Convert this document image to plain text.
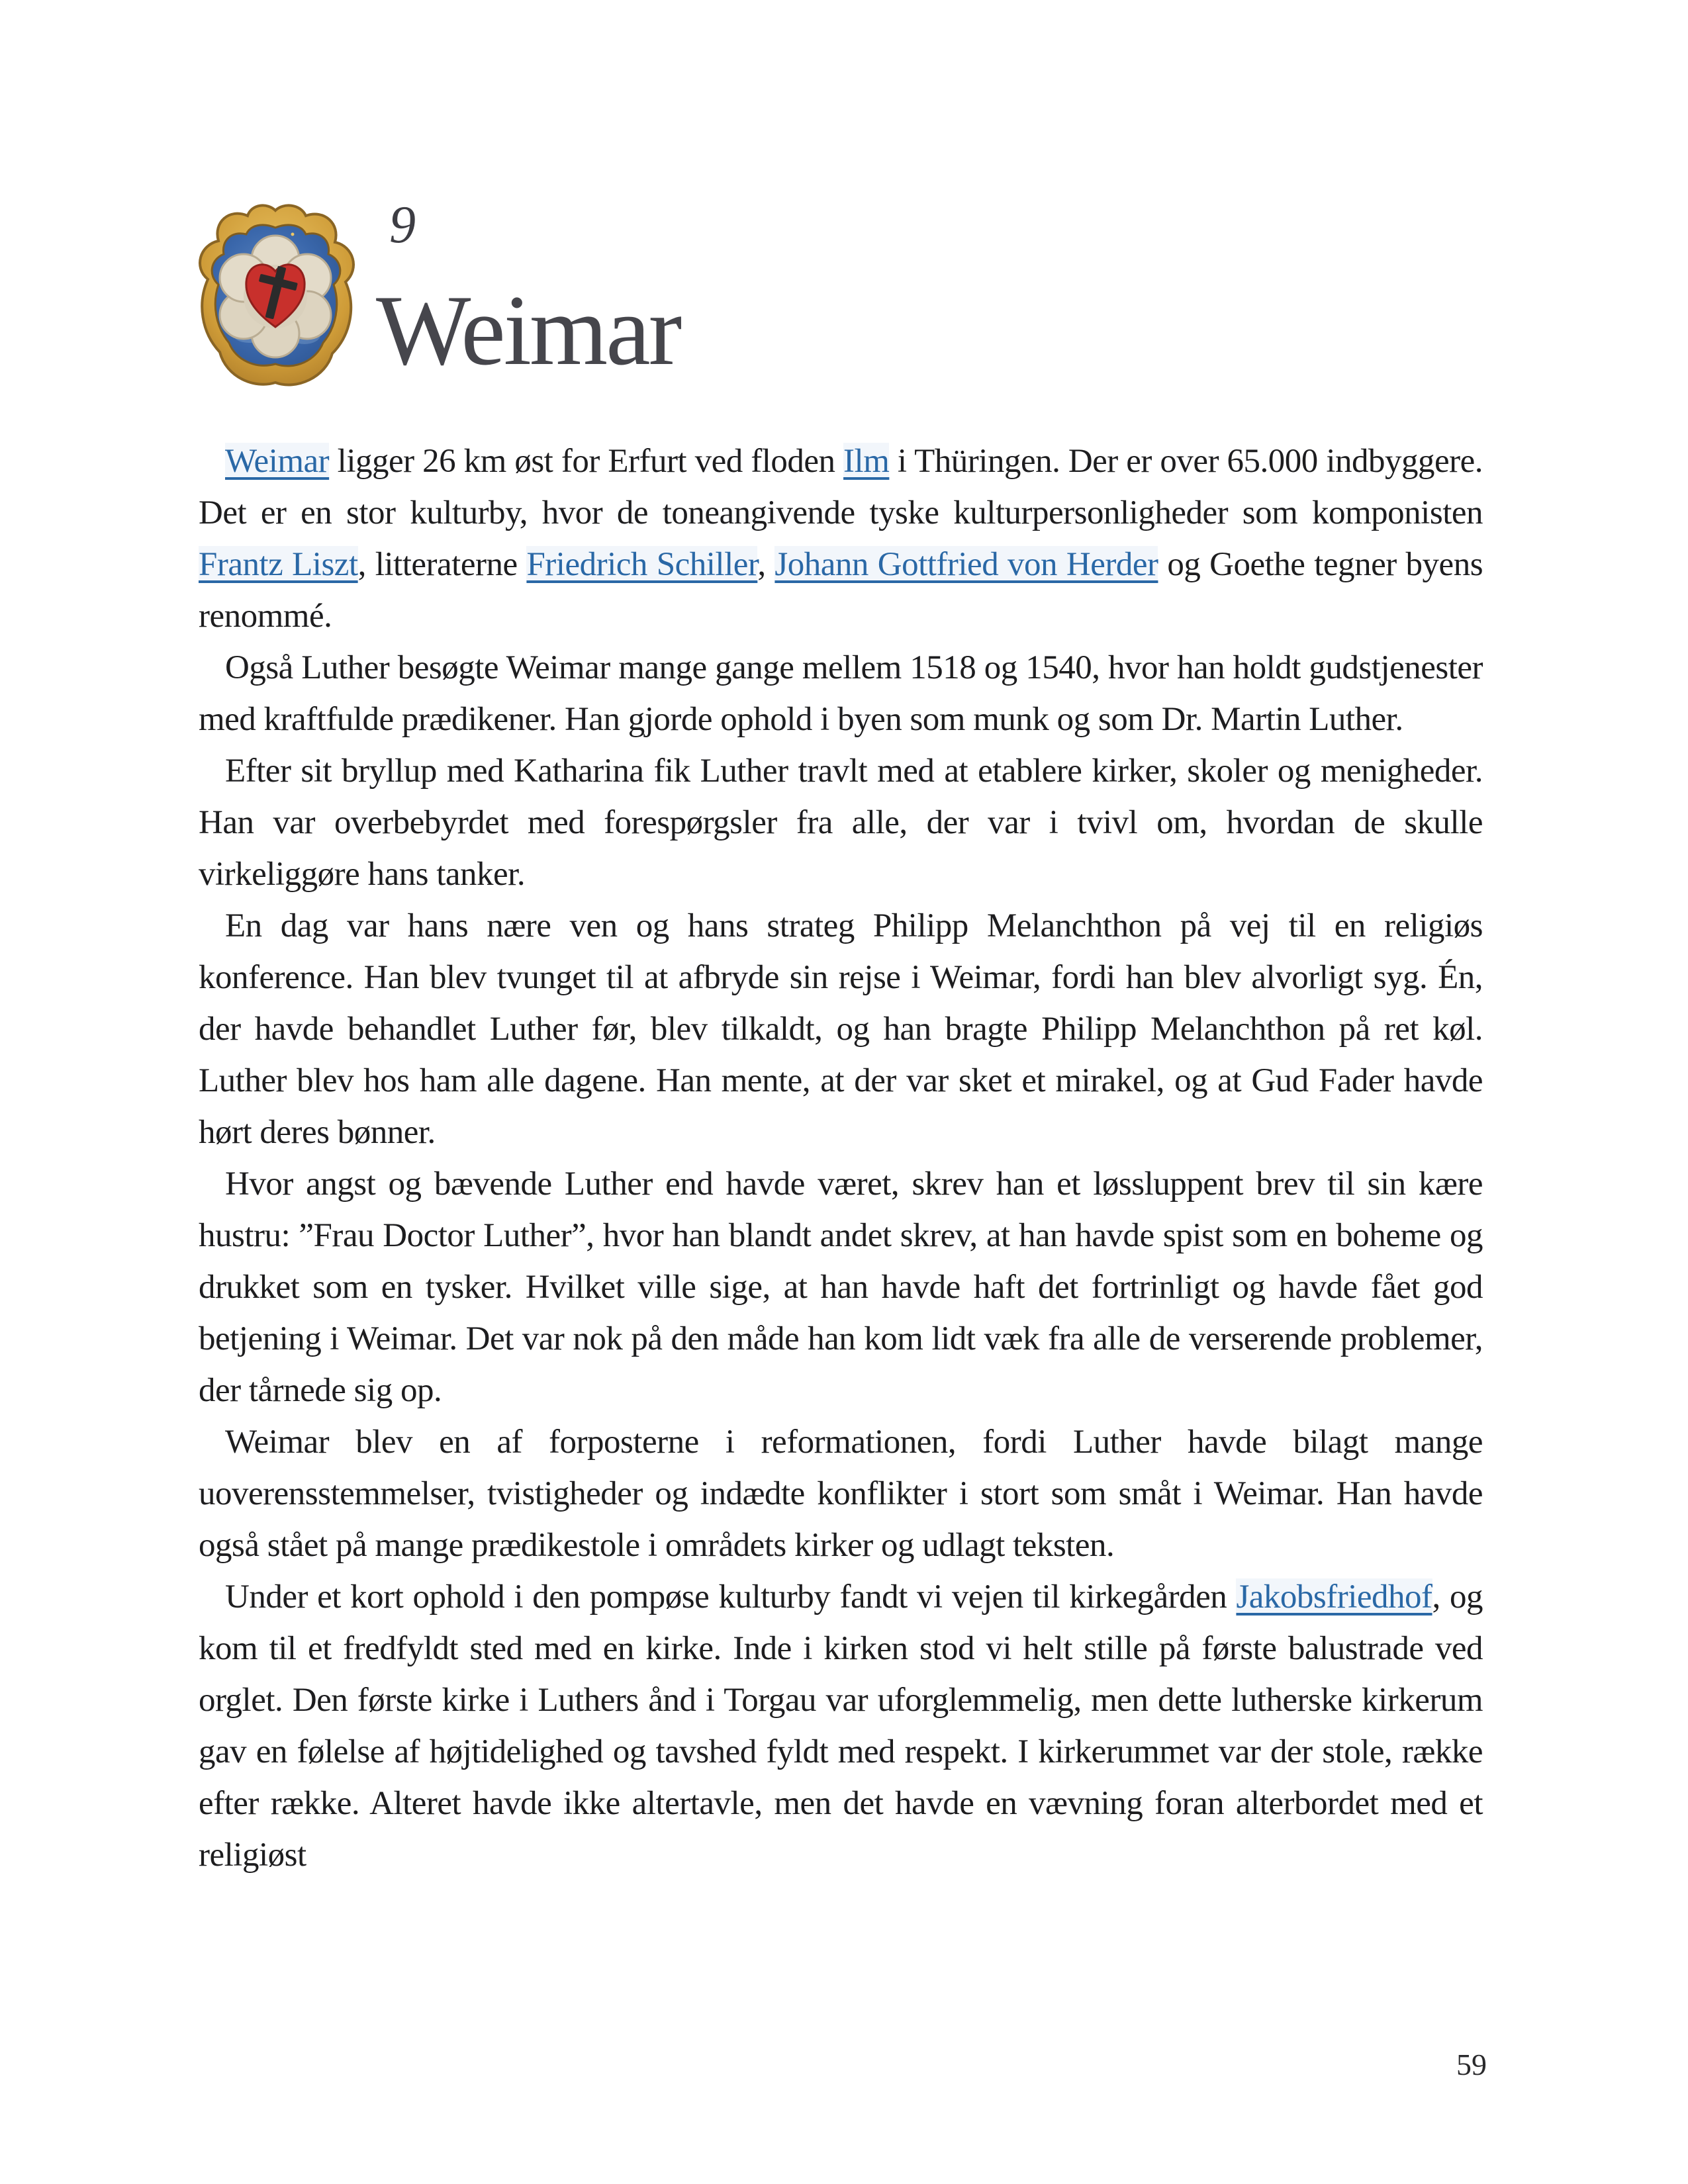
9
Weimar

Weimar ligger 26 km øst for Erfurt ved floden Ilm i Thüringen. Der er over 65.000 indbyggere. Det er en stor kulturby, hvor de toneangivende tyske kulturpersonligheder som komponisten Frantz Liszt, litteraterne Friedrich Schiller, Johann Gottfried von Herder og Goethe tegner byens renommé.

Også Luther besøgte Weimar mange gange mellem 1518 og 1540, hvor han holdt gudstjenester med kraftfulde prædikener. Han gjorde ophold i byen som munk og som Dr. Martin Luther.

Efter sit bryllup med Katharina fik Luther travlt med at etablere kirker, skoler og menigheder. Han var overbebyrdet med forespørgsler fra alle, der var i tvivl om, hvordan de skulle virkeliggøre hans tanker.

En dag var hans nære ven og hans strateg Philipp Melanchthon på vej til en religiøs konference. Han blev tvunget til at afbryde sin rejse i Weimar, fordi han blev alvorligt syg. Én, der havde behandlet Luther før, blev tilkaldt, og han bragte Philipp Melanchthon på ret køl. Luther blev hos ham alle dagene. Han mente, at der var sket et mirakel, og at Gud Fader havde hørt deres bønner.

Hvor angst og bævende Luther end havde været, skrev han et løssluppent brev til sin kære hustru: ”Frau Doctor Luther”, hvor han blandt andet skrev, at han havde spist som en boheme og drukket som en tysker. Hvilket ville sige, at han havde haft det fortrinligt og havde fået god betjening i Weimar. Det var nok på den måde han kom lidt væk fra alle de verserende problemer, der tårnede sig op.

Weimar blev en af forposterne i reformationen, fordi Luther havde bilagt mange uoverensstemmelser, tvistigheder og indædte konflikter i stort som småt i Weimar. Han havde også stået på mange prædikestole i områdets kirker og udlagt teksten.

Under et kort ophold i den pompøse kulturby fandt vi vejen til kirkegården Jakobsfriedhof, og kom til et fredfyldt sted med en kirke. Inde i kirken stod vi helt stille på første balustrade ved orglet. Den første kirke i Luthers ånd i Torgau var uforglemmelig, men dette lutherske kirkerum gav en følelse af højtidelighed og tavshed fyldt med respekt. I kirkerummet var der stole, række efter række. Alteret havde ikke altertavle, men det havde en vævning foran alterbordet med et religiøst

59
